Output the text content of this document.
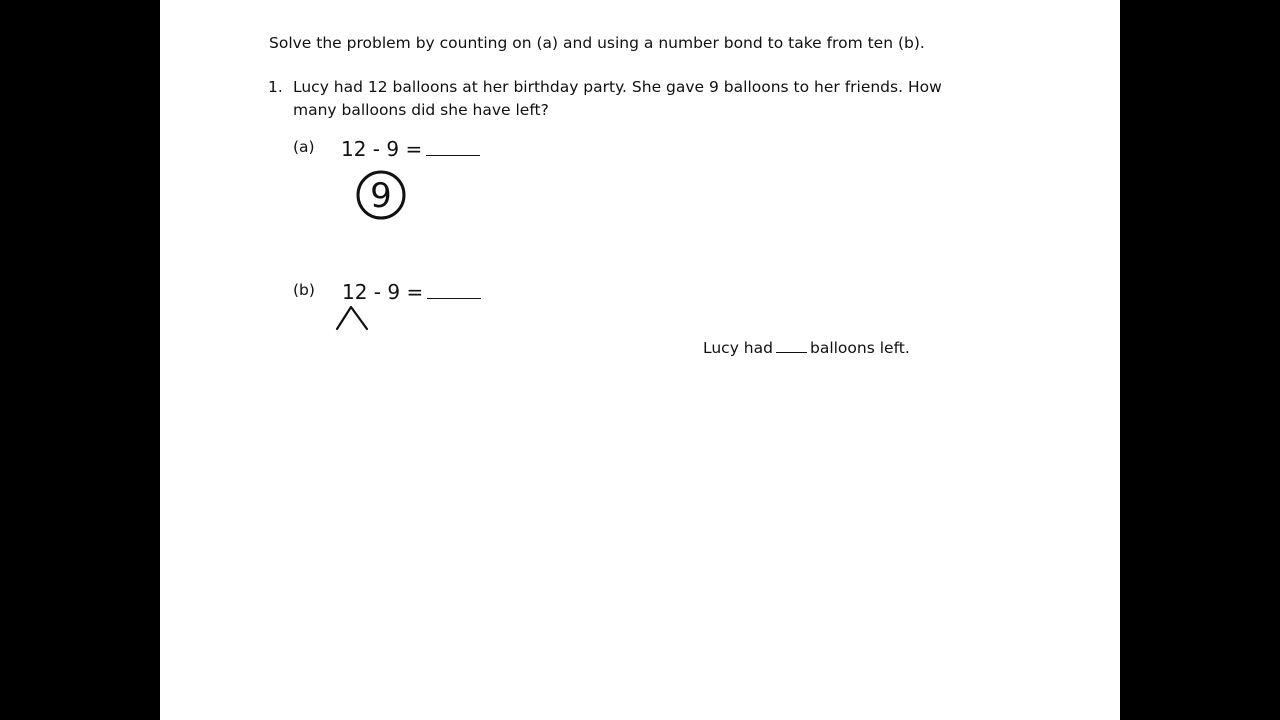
Solve the problem by counting on (a) and using a number bond to take from ten (b).
1. Lucy had 12 balloons at her birthday party. She gave 9 balloons to her friends. How
many balloons did she have left?
(a) 12 - 9 =
9
(b) 12 - 9 =
Lucy had balloons left.
